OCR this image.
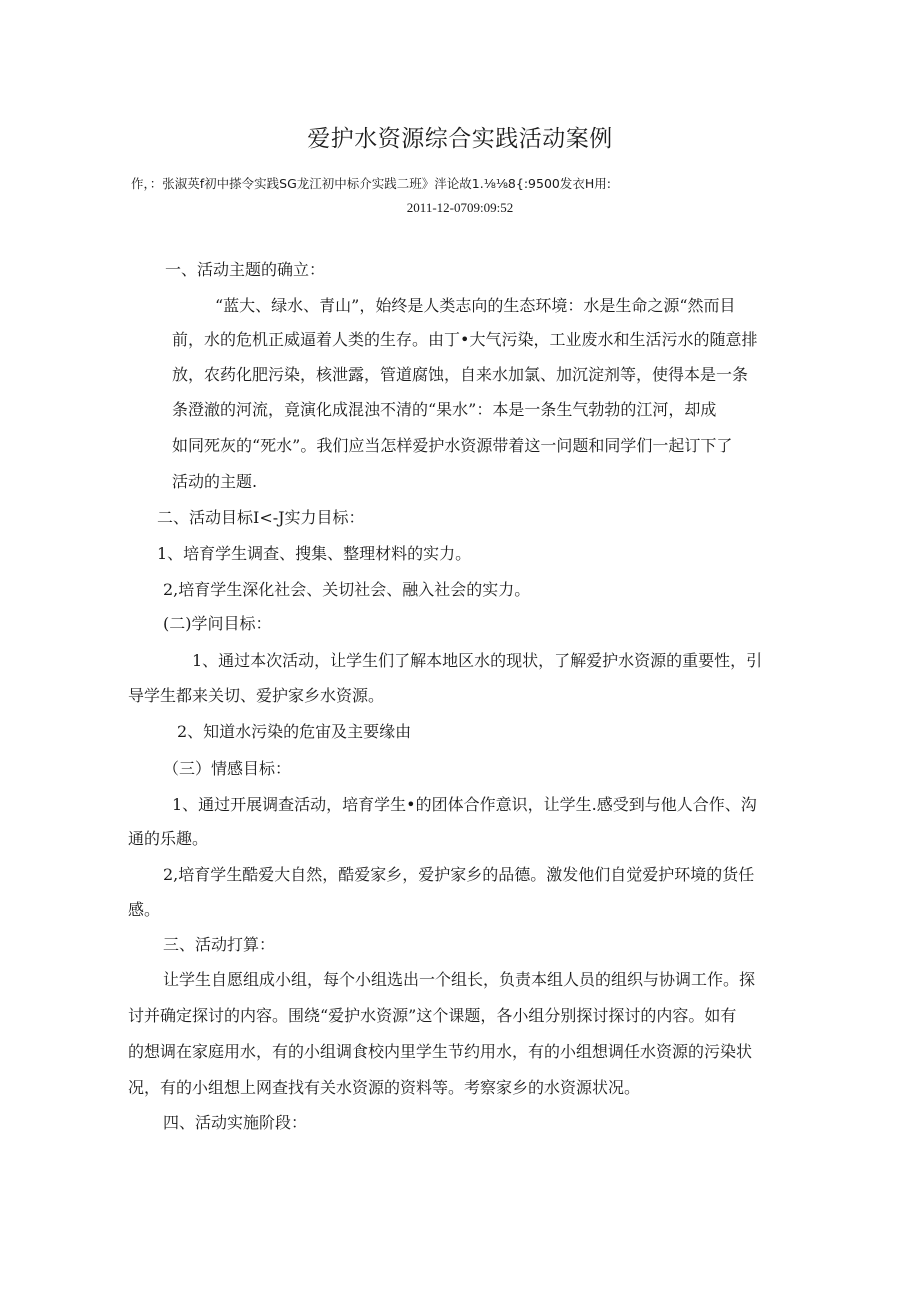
爱护水资源综合实践活动案例
作，：张淑英f初中搽令实践SG龙江初中标介实践二班》泮论故1.⅛⅛8{:9500发衣H用:
2011-12-0709:09:52
一、活动主题的确立：
“蓝大、绿水、青山”，始终是人类志向的生态环境：水是生命之源“然而目
前，水的危机正威逼着人类的生存。由丁•大气污染，工业废水和生活污水的随意排
放，农药化肥污染，核泄露，管道腐蚀，自来水加氯、加沉淀剂等，使得本是一条
条澄澈的河流，竟演化成混浊不清的“果水”：本是一条生气勃勃的江河，却成
如同死灰的“死水”。我们应当怎样爱护水资源带着这一问题和同学们一起订下了
活动的主题.
二、活动目标I<-J实力目标：
1、培育学生调查、搜集、整理材料的实力。
2,培育学生深化社会、关切社会、融入社会的实力。
(二)学问目标：
1、通过本次活动，让学生们了解本地区水的现状，了解爱护水资源的重要性，引
导学生都来关切、爱护家乡水资源。
2、知道水污染的危宙及主要缘由
（三）情感目标：
1、通过开展调查活动，培育学生•的团体合作意识，让学生.感受到与他人合作、沟
通的乐趣。
2,培育学生酷爱大自然，酷爱家乡，爱护家乡的品德。激发他们自觉爱护环境的货任
感。
三、活动打算：
让学生自愿组成小组，每个小组选出一个组长，负责本组人员的组织与协调工作。探
讨并确定探讨的内容。围绕“爱护水资源”这个课题，各小组分别探讨探讨的内容。如有
的想调在家庭用水，有的小组调食校内里学生节约用水，有的小组想调任水资源的污染状
况，有的小组想上网查找有关水资源的资料等。考察家乡的水资源状况。
四、活动实施阶段：
